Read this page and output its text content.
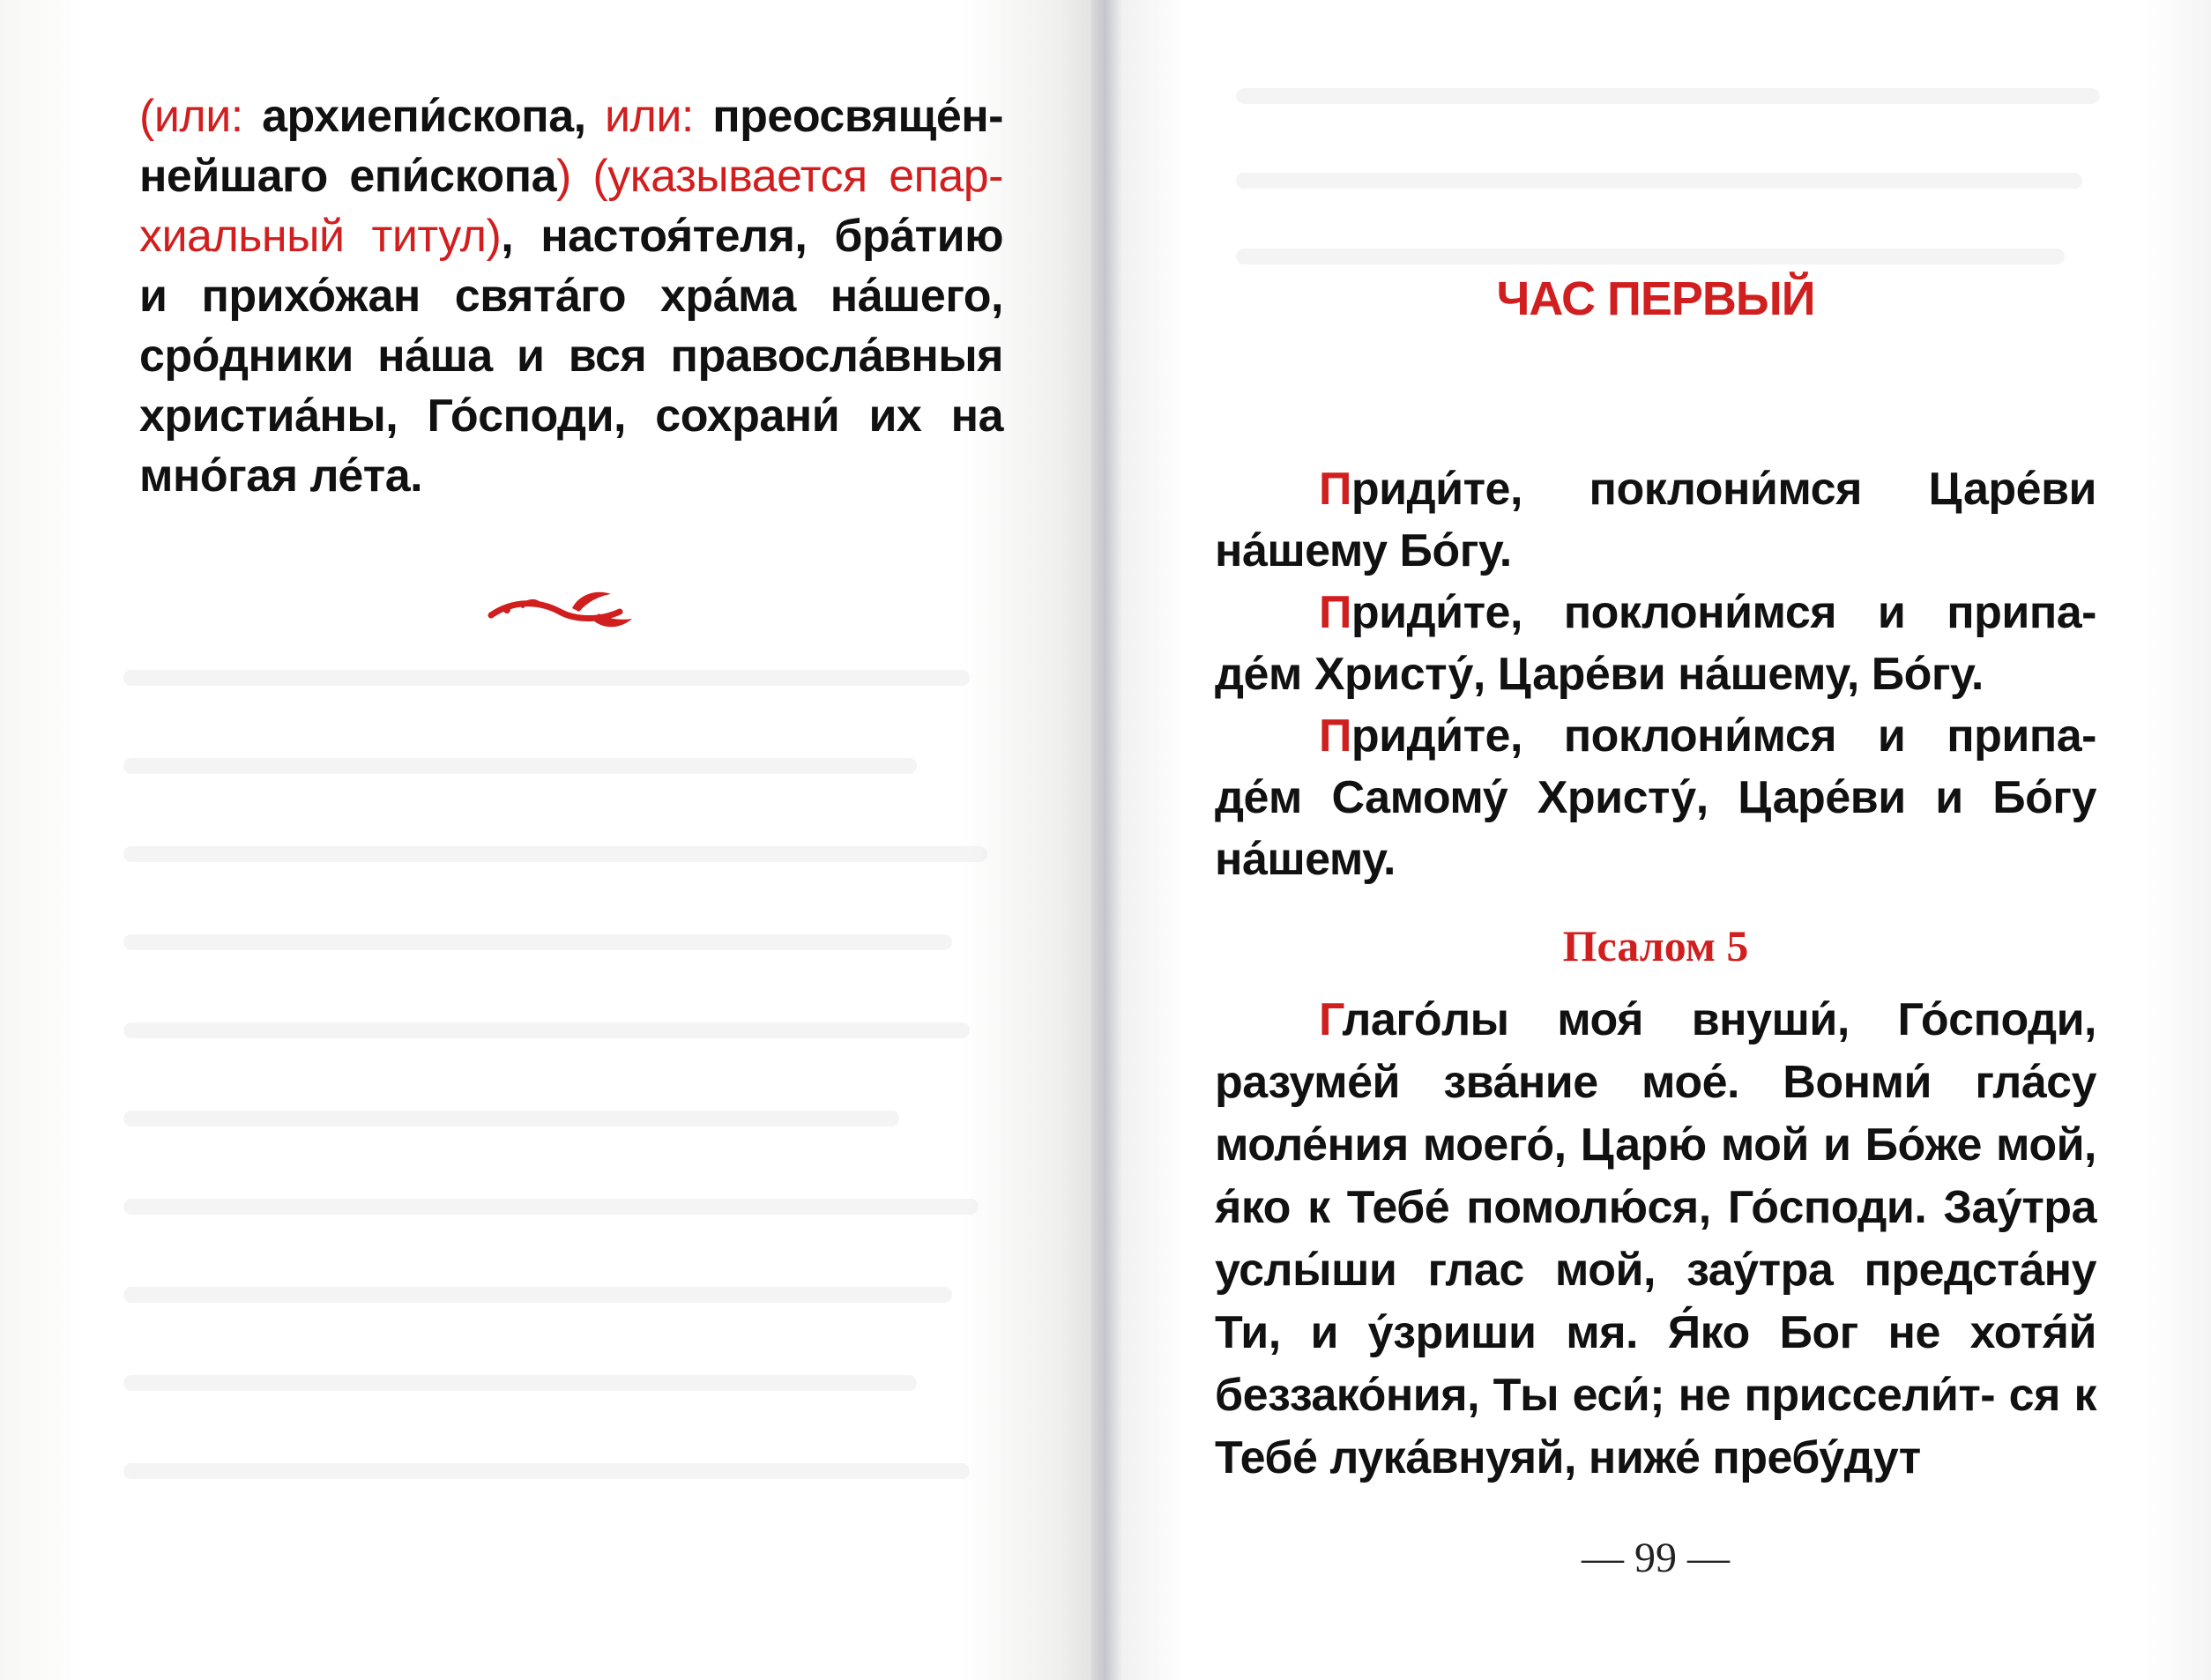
(или: архиепи́скопа, или: преосвяще́н-
нейшаго епи́скопа) (указывается епар-
хиальный титул), настоя́теля, бра́тию
и прихо́жан свята́го хра́ма на́шего,
сро́дники на́ша и вся правосла́вныя
христиа́ны, Го́споди, сохрани́ их на
мно́гая ле́та.
ЧАС ПЕРВЫЙ

Приди́те, поклони́мся Царе́ви на́шему Бо́гу.

Приди́те, поклони́мся и припа- де́м Христу́, Царе́ви на́шему, Бо́гу.

Приди́те, поклони́мся и припа- де́м Самому́ Христу́, Царе́ви и Бо́гу на́шему.

Псалом 5

Глаго́лы моя́ внуши́, Го́споди, разуме́й зва́ние мое́. Вонми́ гла́су моле́ния моего́, Царю́ мой и Бо́же мой, я́ко к Тебе́ помолю́ся, Го́споди. Зау́тра услы́ши глас мой, зау́тра предста́ну Ти, и у́зриши мя. Я́ко Бог не хотя́й беззако́ния, Ты еси́; не приссели́т- ся к Тебе́ лука́внуяй, ниже́ пребу́дут

— 99 —
